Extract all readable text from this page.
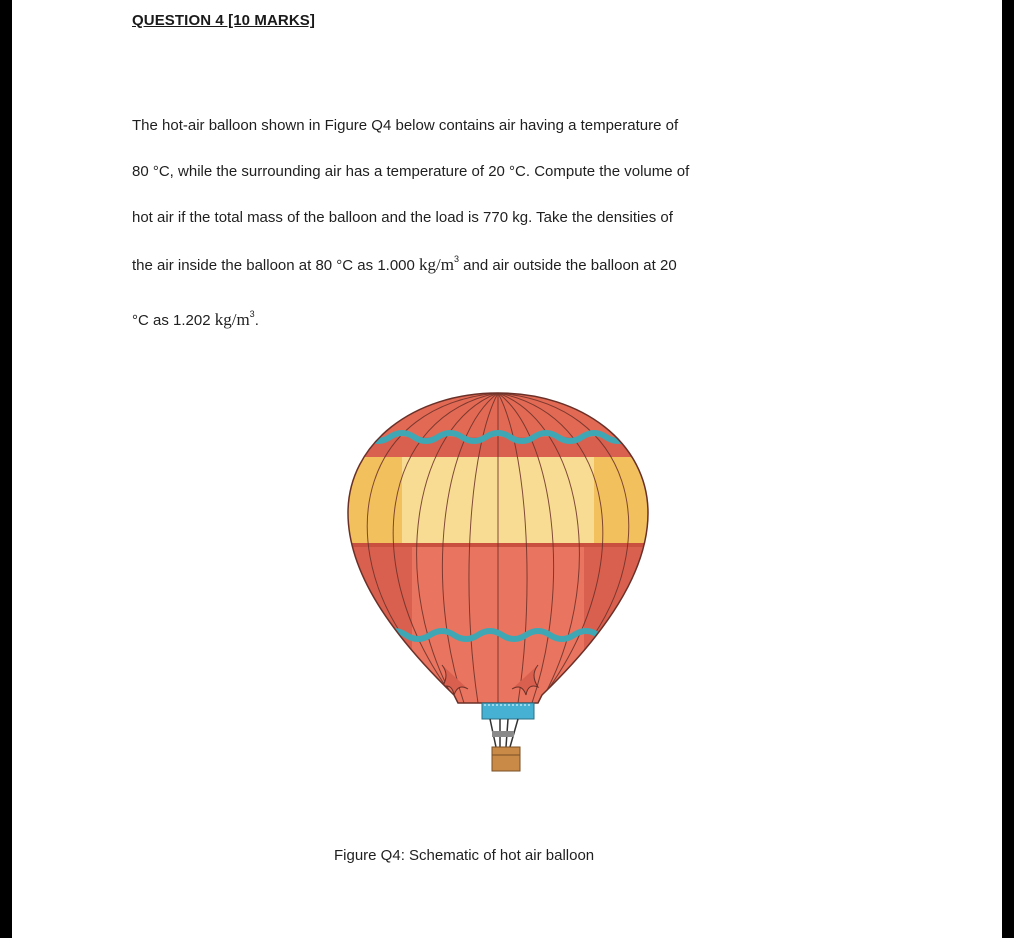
QUESTION 4 [10 MARKS]
The hot-air balloon shown in Figure Q4 below contains air having a temperature of
80 °C, while the surrounding air has a temperature of 20 °C. Compute the volume of
hot air if the total mass of the balloon and the load is 770 kg. Take the densities of
the air inside the balloon at 80 °C as 1.000 $kg/m^3$ and air outside the balloon at 20
°C as 1.202 $kg/m^3$.
Figure Q4: Schematic of hot air balloon
